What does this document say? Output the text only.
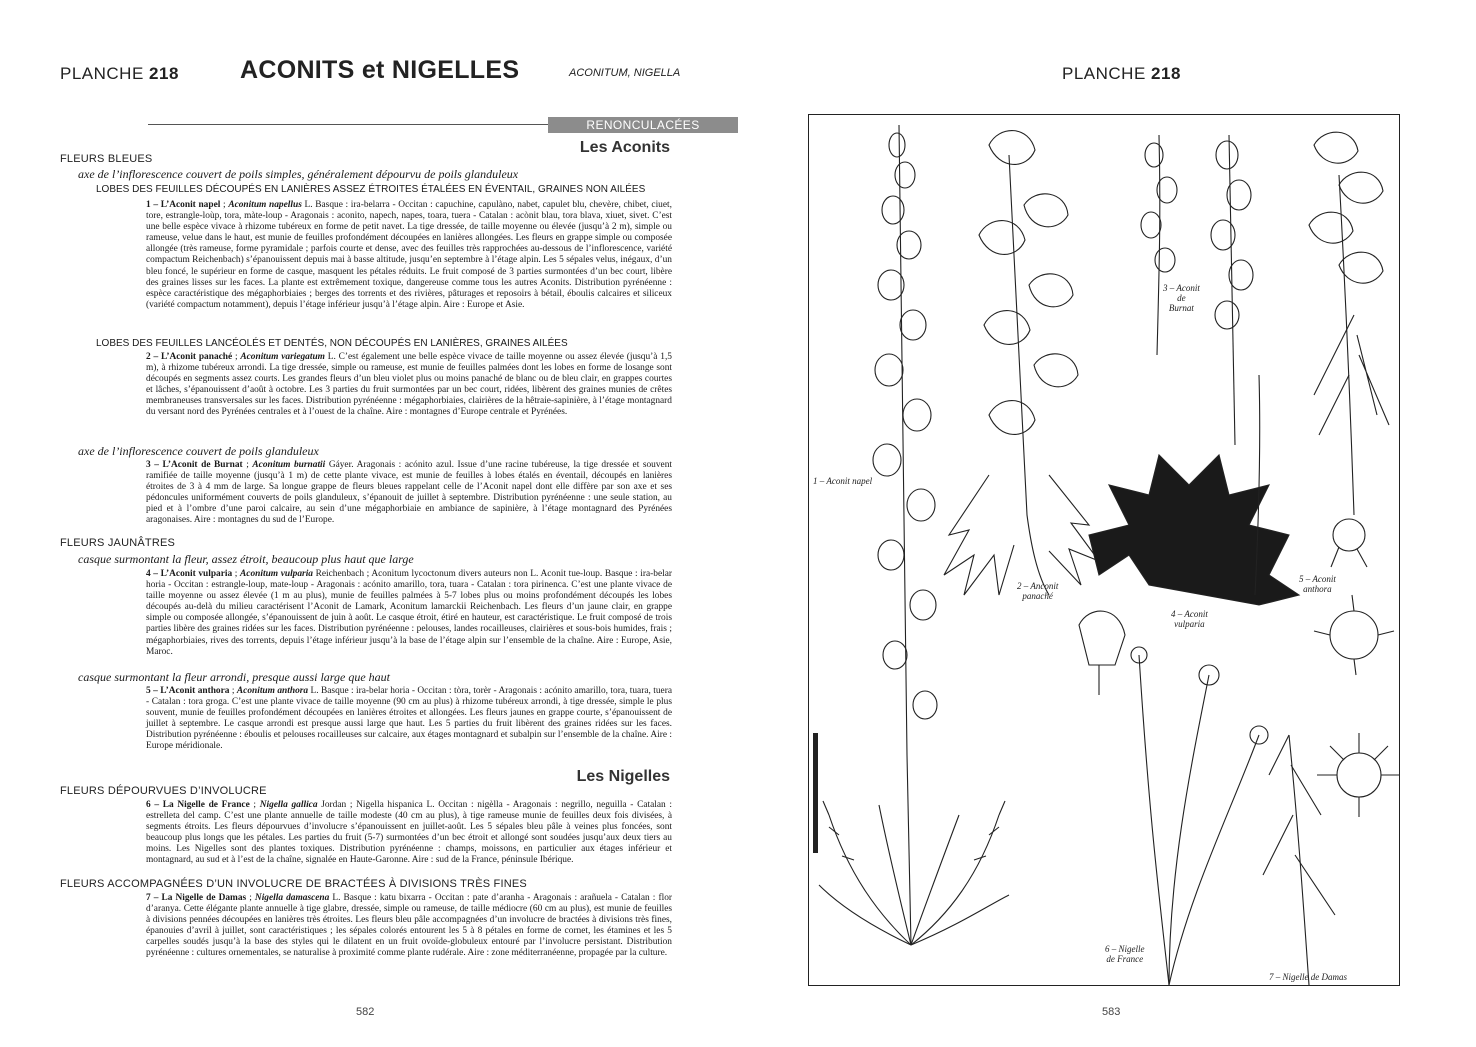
PLANCHE 218 ACONITS et NIGELLES	ACONITUM, NIGELLA
RENONCULACÉES
Les Aconits
FLEURS BLEUES
axe de l’inflorescence couvert de poils simples, généralement dépourvu de poils glanduleux
LOBES DES FEUILLES DÉCOUPÉS EN LANIÈRES ASSEZ ÉTROITES ÉTALÉES EN ÉVENTAIL, GRAINES NON AILÉES
1 – L’Aconit napel ; Aconitum napellus L. Basque : ira-belarra - Occitan : capuchine, capulàno, nabet, capulet blu, chevère, chibet, ciuet, tore, estrangle-loùp, tora, màte-loup - Aragonais : aconito, napech, napes, toara, tuera - Catalan : acònit blau, tora blava, xiuet, sivet. C’est une belle espèce vivace à rhizome tubéreux en forme de petit navet. La tige dressée, de taille moyenne ou élevée (jusqu’à 2 m), simple ou rameuse, velue dans le haut, est munie de feuilles profondément découpées en lanières allongées. Les fleurs en grappe simple ou composée allongée (très rameuse, forme pyramidale ; parfois courte et dense, avec des feuilles très rapprochées au-dessous de l’inflorescence, variété compactum Reichenbach) s’épanouissent depuis mai à basse altitude, jusqu’en septembre à l’étage alpin. Les 5 sépales velus, inégaux, d’un bleu foncé, le supérieur en forme de casque, masquent les pétales réduits. Le fruit composé de 3 parties surmontées d’un bec court, libère des graines lisses sur les faces. La plante est extrêmement toxique, dangereuse comme tous les autres Aconits. Distribution pyrénéenne : espèce caractéristique des mégaphorbiaies ; berges des torrents et des rivières, pâturages et reposoirs à bétail, éboulis calcaires et siliceux (variété compactum notamment), depuis l’étage inférieur jusqu’à l’étage alpin. Aire : Europe et Asie.
LOBES DES FEUILLES LANCÉOLÉS ET DENTÉS, NON DÉCOUPÉS EN LANIÈRES, GRAINES AILÉES
2 – L’Aconit panaché ; Aconitum variegatum L. C’est également une belle espèce vivace de taille moyenne ou assez élevée (jusqu’à 1,5 m), à rhizome tubéreux arrondi. La tige dressée, simple ou rameuse, est munie de feuilles palmées dont les lobes en forme de losange sont découpés en segments assez courts. Les grandes fleurs d’un bleu violet plus ou moins panaché de blanc ou de bleu clair, en grappes courtes et lâches, s’épanouissent d’août à octobre. Les 3 parties du fruit surmontées par un bec court, ridées, libèrent des graines munies de crêtes membraneuses transversales sur les faces. Distribution pyrénéenne : mégaphorbiaies, clairières de la hêtraie-sapinière, à l’étage montagnard du versant nord des Pyrénées centrales et à l’ouest de la chaîne. Aire : montagnes d’Europe centrale et Pyrénées.
axe de l’inflorescence couvert de poils glanduleux
3 – L’Aconit de Burnat ; Aconitum burnatii Gáyer. Aragonais : acónito azul. Issue d’une racine tubéreuse, la tige dressée et souvent ramifiée de taille moyenne (jusqu’à 1 m) de cette plante vivace, est munie de feuilles à lobes étalés en éventail, découpés en lanières étroites de 3 à 4 mm de large. Sa longue grappe de fleurs bleues rappelant celle de l’Aconit napel dont elle diffère par son axe et ses pédoncules uniformément couverts de poils glanduleux, s’épanouit de juillet à septembre. Distribution pyrénéenne : une seule station, au pied et à l’ombre d’une paroi calcaire, au sein d’une mégaphorbiaie en ambiance de sapinière, à l’étage montagnard des Pyrénées aragonaises. Aire : montagnes du sud de l’Europe.
FLEURS JAUNÂTRES
casque surmontant la fleur, assez étroit, beaucoup plus haut que large
4 – L’Aconit vulparia ; Aconitum vulparia Reichenbach ; Aconitum lycoctonum divers auteurs non L. Aconit tue-loup. Basque : ira-belar horia - Occitan : estrangle-loup, mate-loup - Aragonais : acónito amarillo, tora, tuara - Catalan : tora pirinenca. C’est une plante vivace de taille moyenne ou assez élevée (1 m au plus), munie de feuilles palmées à 5-7 lobes plus ou moins profondément découpés les lobes découpés au-delà du milieu caractérisent l’Aconit de Lamark, Aconitum lamarckii Reichenbach. Les fleurs d’un jaune clair, en grappe simple ou composée allongée, s’épanouissent de juin à août. Le casque étroit, étiré en hauteur, est caractéristique. Le fruit composé de trois parties libère des graines ridées sur les faces. Distribution pyrénéenne : pelouses, landes rocailleuses, clairières et sous-bois humides, frais ; mégaphorbiaies, rives des torrents, depuis l’étage inférieur jusqu’à la base de l’étage alpin sur l’ensemble de la chaîne. Aire : Europe, Asie, Maroc.
casque surmontant la fleur arrondi, presque aussi large que haut
5 – L’Aconit anthora ; Aconitum anthora L. Basque : ira-belar horia - Occitan : tòra, torèr - Aragonais : acónito amarillo, tora, tuara, tuera - Catalan : tora groga. C’est une plante vivace de taille moyenne (90 cm au plus) à rhizome tubéreux arrondi, à tige dressée, simple le plus souvent, munie de feuilles profondément découpées en lanières étroites et allongées. Les fleurs jaunes en grappe courte, s’épanouissent de juillet à septembre. Le casque arrondi est presque aussi large que haut. Les 5 parties du fruit libèrent des graines ridées sur les faces. Distribution pyrénéenne : éboulis et pelouses rocailleuses sur calcaire, aux étages montagnard et subalpin sur l’ensemble de la chaîne. Aire : Europe méridionale.
Les Nigelles
FLEURS DÉPOURVUES D’INVOLUCRE
6 – La Nigelle de France ; Nigella gallica Jordan ; Nigella hispanica L. Occitan : nigèlla - Aragonais : negrillo, neguilla - Catalan : estrelleta del camp. C’est une plante annuelle de taille modeste (40 cm au plus), à tige rameuse munie de feuilles deux fois divisées, à segments étroits. Les fleurs dépourvues d’involucre s’épanouissent en juillet-août. Les 5 sépales bleu pâle à veines plus foncées, sont beaucoup plus longs que les pétales. Les parties du fruit (5-7) surmontées d’un bec étroit et allongé sont soudées jusqu’aux deux tiers au moins. Les Nigelles sont des plantes toxiques. Distribution pyrénéenne : champs, moissons, en particulier aux étages inférieur et montagnard, au sud et à l’est de la chaîne, signalée en Haute-Garonne. Aire : sud de la France, péninsule Ibérique.
FLEURS ACCOMPAGNÉES D’UN INVOLUCRE DE BRACTÉES À DIVISIONS TRÈS FINES
7 – La Nigelle de Damas ; Nigella damascena L. Basque : katu bixarra - Occitan : pate d’aranha - Aragonais : arañuela - Catalan : flor d’aranya. Cette élégante plante annuelle à tige glabre, dressée, simple ou rameuse, de taille médiocre (60 cm au plus), est munie de feuilles à divisions pennées découpées en lanières très étroites. Les fleurs bleu pâle accompagnées d’un involucre de bractées à divisions très fines, épanouies d’avril à juillet, sont caractéristiques ; les sépales colorés entourent les 5 à 8 pétales en forme de cornet, les étamines et les 5 carpelles soudés jusqu’à la base des styles qui le dilatent en un fruit ovoïde-globuleux entouré par l’involucre persistant. Distribution pyrénéenne : cultures ornementales, se naturalise à proximité comme plante rudérale. Aire : zone méditerranéenne, propagée par la culture.
582
PLANCHE 218
1 – Aconit napel
2 – Anconit
panaché
3 – Aconit
de
Burnat
4 – Aconit
vulparia
5 – Aconit
anthora
6 – Nigelle
de France
7 – Nigelle de Damas
583
